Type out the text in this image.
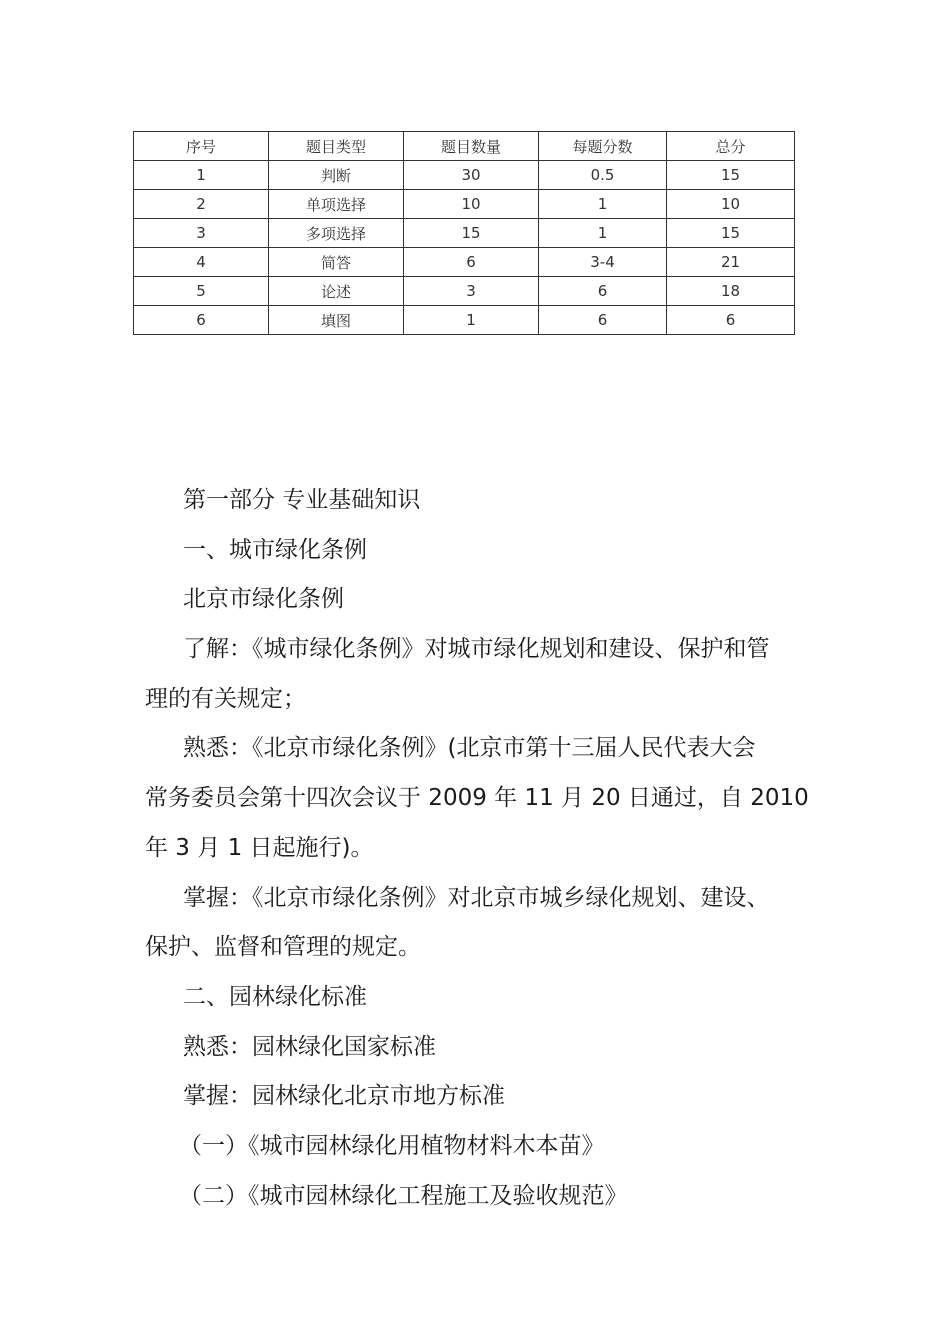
序号	题目类型	题目数量	每题分数	总分
1	判断	30	0.5	15
2	单项选择	10	1	10
3	多项选择	15	1	15
4	简答	6	3-4	21
5	论述	3	6	18
6	填图	1	6	6
第一部分 专业基础知识
一、城市绿化条例
北京市绿化条例
了解：《城市绿化条例》对城市绿化规划和建设、保护和管
理的有关规定；
熟悉：《北京市绿化条例》(北京市第十三届人民代表大会
常务委员会第十四次会议于 2009 年 11 月 20 日通过，自 2010
年 3 月 1 日起施行)。
掌握：《北京市绿化条例》对北京市城乡绿化规划、建设、
保护、监督和管理的规定。
二、园林绿化标准
熟悉：园林绿化国家标准
掌握：园林绿化北京市地方标准
（一）《城市园林绿化用植物材料木本苗》
（二）《城市园林绿化工程施工及验收规范》
